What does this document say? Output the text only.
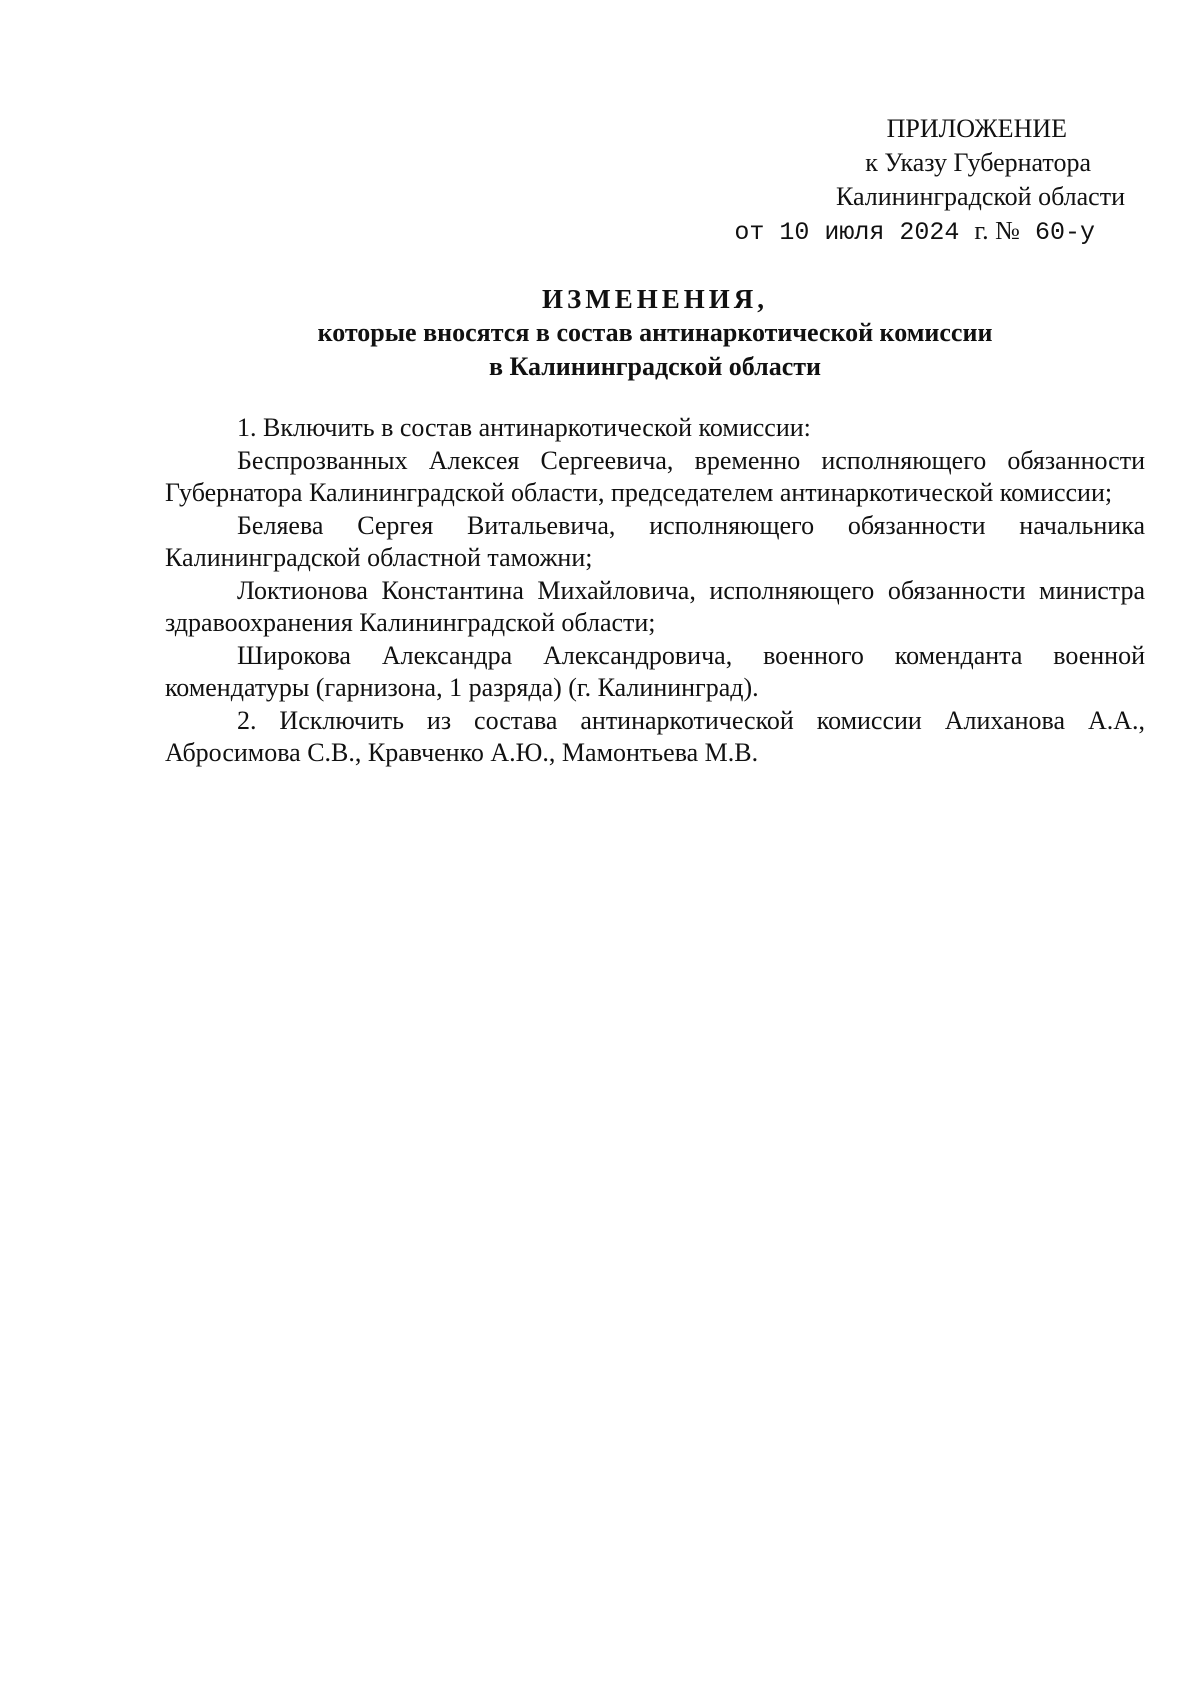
ПРИЛОЖЕНИЕ
к Указу Губернатора
Калининградской области
от 10 июля 2024 г. № 60-у
ИЗМЕНЕНИЯ,
которые вносятся в состав антинаркотической комиссии
в Калининградской области

1. Включить в состав антинаркотической комиссии:

Беспрозванных Алексея Сергеевича, временно исполняющего обязанности Губернатора Калининградской области, председателем антинаркотической комиссии;

Беляева Сергея Витальевича, исполняющего обязанности начальника Калининградской областной таможни;

Локтионова Константина Михайловича, исполняющего обязанности министра здравоохранения Калининградской области;

Широкова Александра Александровича, военного коменданта военной комендатуры (гарнизона, 1 разряда) (г. Калининград).

2. Исключить из состава антинаркотической комиссии Алиханова А.А., Абросимова С.В., Кравченко А.Ю., Мамонтьева М.В.
